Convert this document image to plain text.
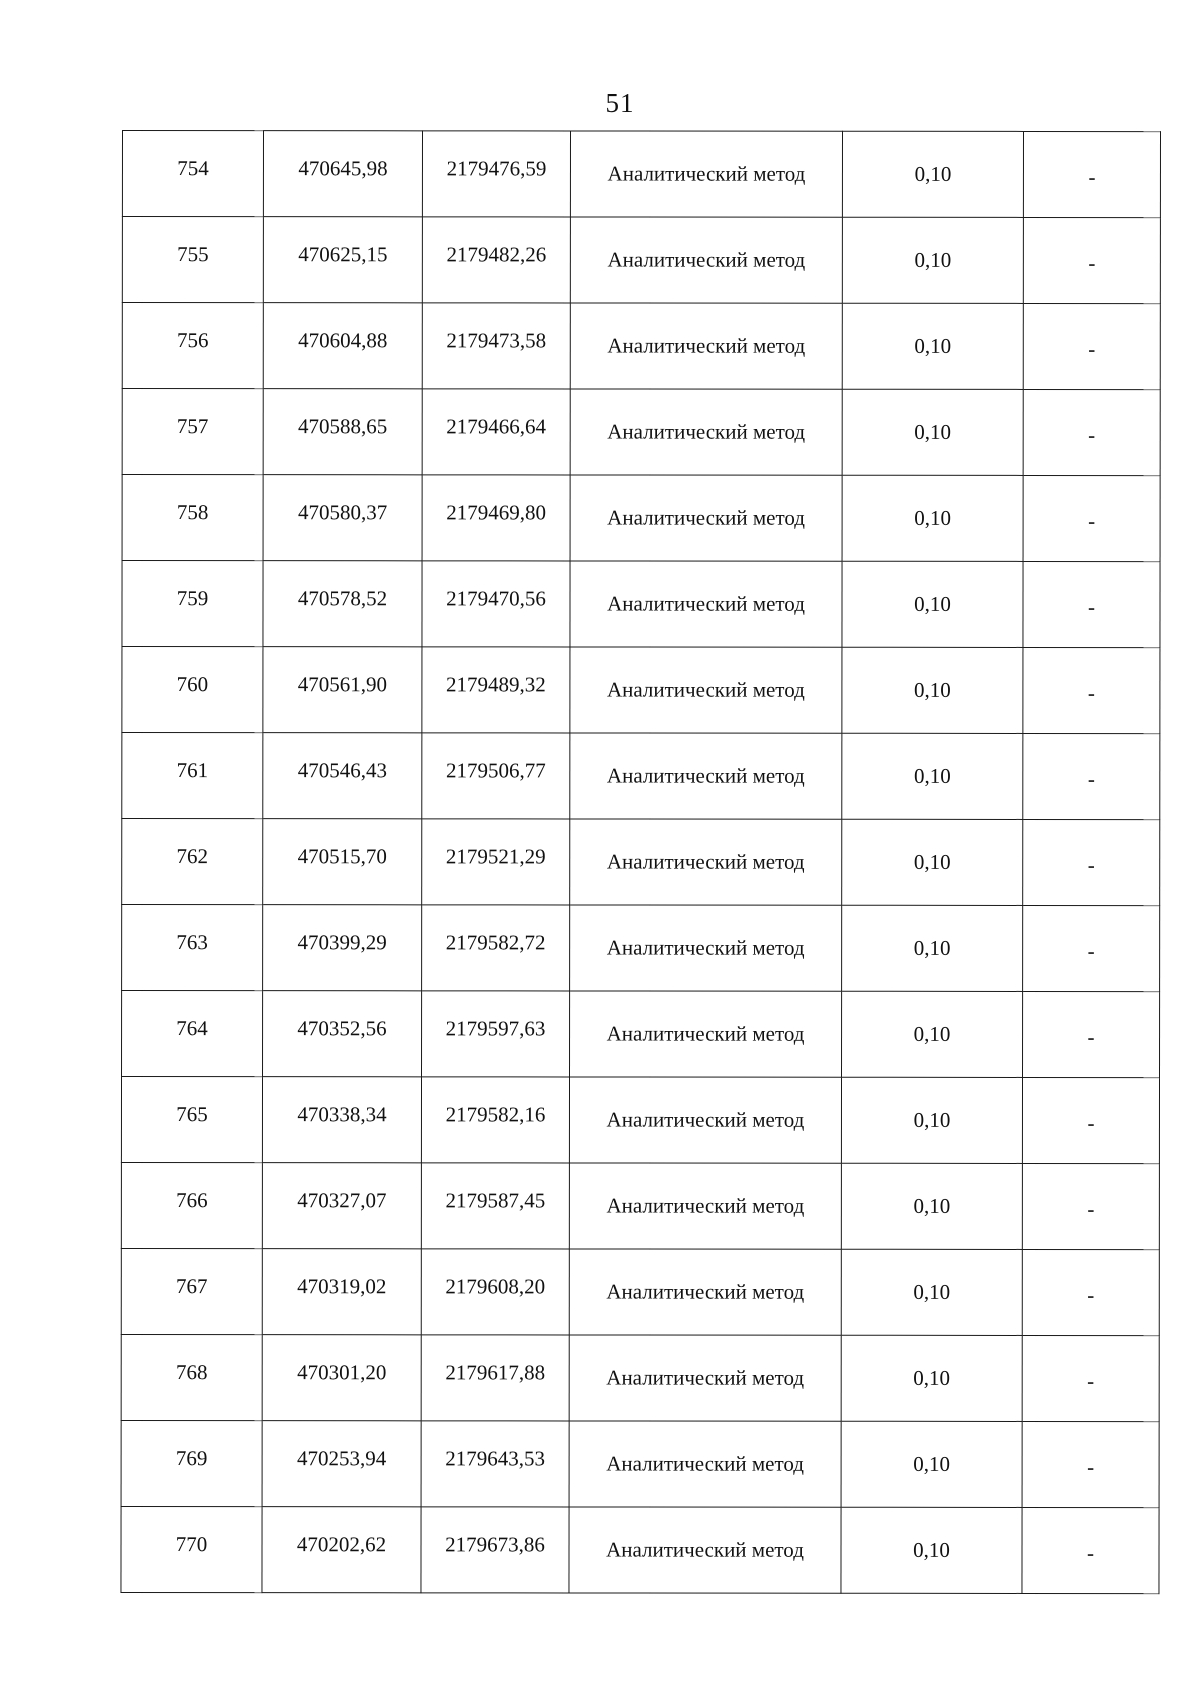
51
754	470645,98	2179476,59	Аналитический метод	0,10	-
755	470625,15	2179482,26	Аналитический метод	0,10	-
756	470604,88	2179473,58	Аналитический метод	0,10	-
757	470588,65	2179466,64	Аналитический метод	0,10	-
758	470580,37	2179469,80	Аналитический метод	0,10	-
759	470578,52	2179470,56	Аналитический метод	0,10	-
760	470561,90	2179489,32	Аналитический метод	0,10	-
761	470546,43	2179506,77	Аналитический метод	0,10	-
762	470515,70	2179521,29	Аналитический метод	0,10	-
763	470399,29	2179582,72	Аналитический метод	0,10	-
764	470352,56	2179597,63	Аналитический метод	0,10	-
765	470338,34	2179582,16	Аналитический метод	0,10	-
766	470327,07	2179587,45	Аналитический метод	0,10	-
767	470319,02	2179608,20	Аналитический метод	0,10	-
768	470301,20	2179617,88	Аналитический метод	0,10	-
769	470253,94	2179643,53	Аналитический метод	0,10	-
770	470202,62	2179673,86	Аналитический метод	0,10	-
